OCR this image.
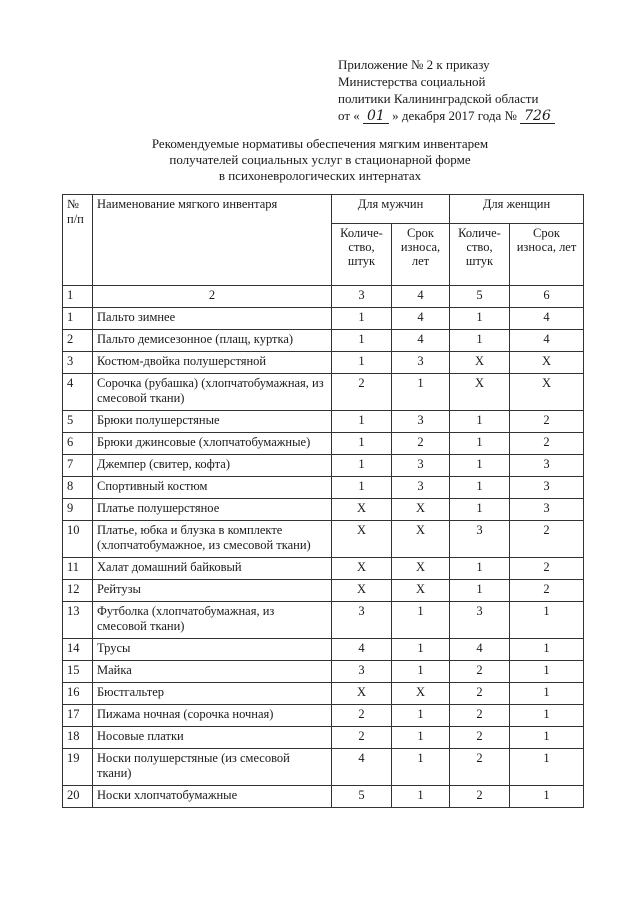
Приложение № 2 к приказу
Министерства социальной
политики Калининградской области
от « 01 » декабря 2017 года № 726
Рекомендуемые нормативы обеспечения мягким инвентарем
получателей социальных услуг в стационарной форме
в психоневрологических интернатах
№ п/п	Наименование мягкого инвентаря	Для мужчин		Для женщин	
		Количе-ство, штук	Срок износа, лет	Количе-ство, штук	Срок износа, лет
1	2	3	4	5	6
1	Пальто зимнее	1	4	1	4
2	Пальто демисезонное (плащ, куртка)	1	4	1	4
3	Костюм-двойка полушерстяной	1	3	Х	Х
4	Сорочка (рубашка) (хлопчатобумажная, из смесовой ткани)	2	1	Х	Х
5	Брюки полушерстяные	1	3	1	2
6	Брюки джинсовые (хлопчатобумажные)	1	2	1	2
7	Джемпер (свитер, кофта)	1	3	1	3
8	Спортивный костюм	1	3	1	3
9	Платье полушерстяное	Х	Х	1	3
10	Платье, юбка и блузка в комплекте (хлопчатобумажное, из смесовой ткани)	Х	Х	3	2
11	Халат домашний байковый	Х	Х	1	2
12	Рейтузы	Х	Х	1	2
13	Футболка (хлопчатобумажная, из смесовой ткани)	3	1	3	1
14	Трусы	4	1	4	1
15	Майка	3	1	2	1
16	Бюстгальтер	Х	Х	2	1
17	Пижама ночная (сорочка ночная)	2	1	2	1
18	Носовые платки	2	1	2	1
19	Носки полушерстяные (из смесовой ткани)	4	1	2	1
20	Носки хлопчатобумажные	5	1	2	1
